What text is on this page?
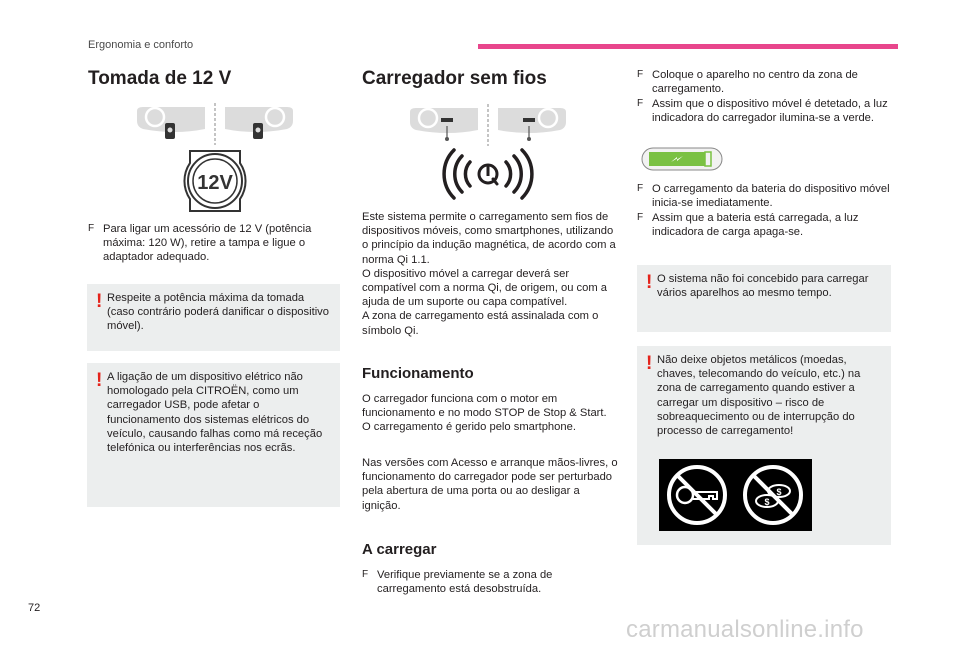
Ergonomia e conforto
Tomada de 12 V
12V
F Para ligar um acessório de 12 V (potência máxima: 120 W), retire a tampa e ligue o adaptador adequado.

! Respeite a potência máxima da tomada (caso contrário poderá danificar o dispositivo móvel).

! A ligação de um dispositivo elétrico não homologado pela CITROËN, como um carregador USB, pode afetar o funcionamento dos sistemas elétricos do veículo, causando falhas como má receção telefónica ou interferências nos ecrãs.

Carregador sem fios
Este sistema permite o carregamento sem fios de dispositivos móveis, como smartphones, utilizando o princípio da indução magnética, de acordo com a norma Qi 1.1.
O dispositivo móvel a carregar deverá ser compatível com a norma Qi, de origem, ou com a ajuda de um suporte ou capa compatível.
A zona de carregamento está assinalada com o símbolo Qi.
Funcionamento
O carregador funciona com o motor em funcionamento e no modo STOP de Stop & Start.
O carregamento é gerido pelo smartphone.
Nas versões com Acesso e arranque mãos-livres, o funcionamento do carregador pode ser perturbado pela abertura de uma porta ou ao desligar a ignição.
A carregar
F Verifique previamente se a zona de carregamento está desobstruída.

F Coloque o aparelho no centro da zona de carregamento.

F Assim que o dispositivo móvel é detetado, a luz indicadora do carregador ilumina-se a verde.

F O carregamento da bateria do dispositivo móvel inicia-se imediatamente.

F Assim que a bateria está carregada, a luz indicadora de carga apaga-se.

! O sistema não foi concebido para carregar vários aparelhos ao mesmo tempo.

! Não deixe objetos metálicos (moedas, chaves, telecomando do veículo, etc.) na zona de carregamento quando estiver a carregar um dispositivo – risco de sobreaquecimento ou de interrupção do processo de carregamento!

$
$
72
carmanualsonline.info
